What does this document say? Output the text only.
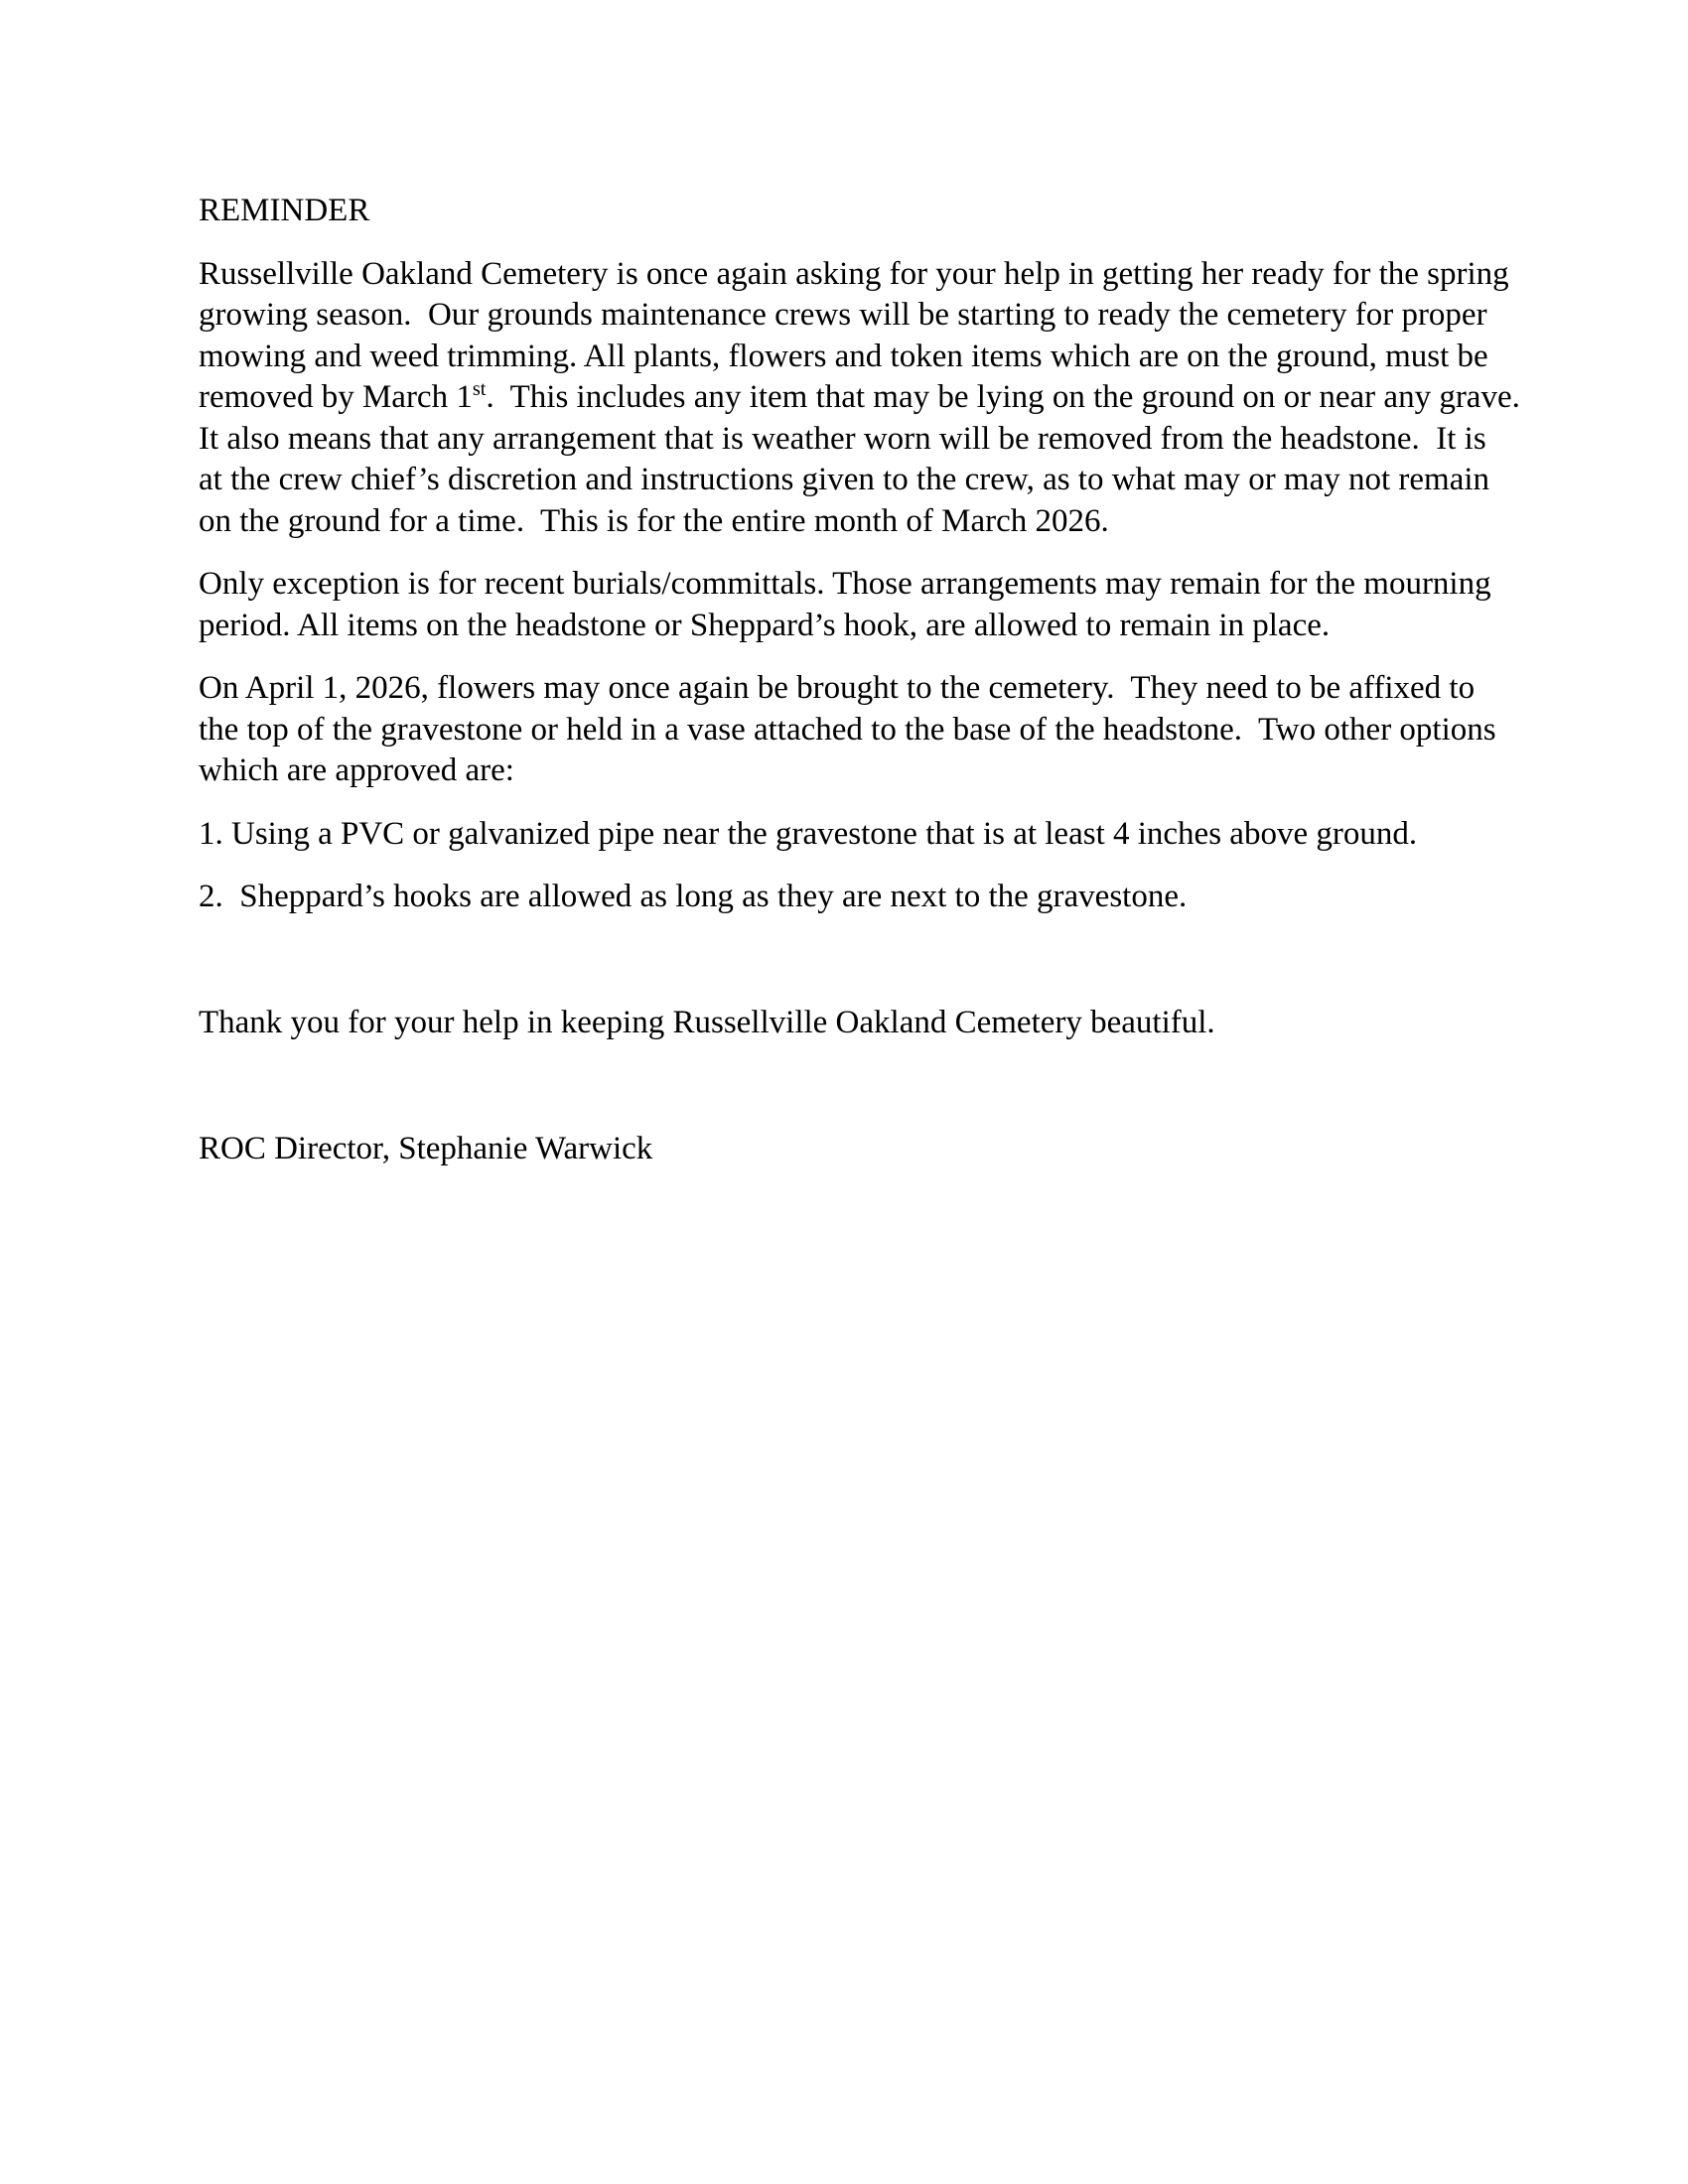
REMINDER

Russellville Oakland Cemetery is once again asking for your help in getting her ready for the spring
growing season.  Our grounds maintenance crews will be starting to ready the cemetery for proper
mowing and weed trimming. All plants, flowers and token items which are on the ground, must be
removed by March 1st.  This includes any item that may be lying on the ground on or near any grave.
It also means that any arrangement that is weather worn will be removed from the headstone.  It is
at the crew chief’s discretion and instructions given to the crew, as to what may or may not remain
on the ground for a time.  This is for the entire month of March 2026.

Only exception is for recent burials/committals. Those arrangements may remain for the mourning
period. All items on the headstone or Sheppard’s hook, are allowed to remain in place.

On April 1, 2026, flowers may once again be brought to the cemetery.  They need to be affixed to
the top of the gravestone or held in a vase attached to the base of the headstone.  Two other options
which are approved are:

1. Using a PVC or galvanized pipe near the gravestone that is at least 4 inches above ground.

2.  Sheppard’s hooks are allowed as long as they are next to the gravestone.

Thank you for your help in keeping Russellville Oakland Cemetery beautiful.

ROC Director, Stephanie Warwick
